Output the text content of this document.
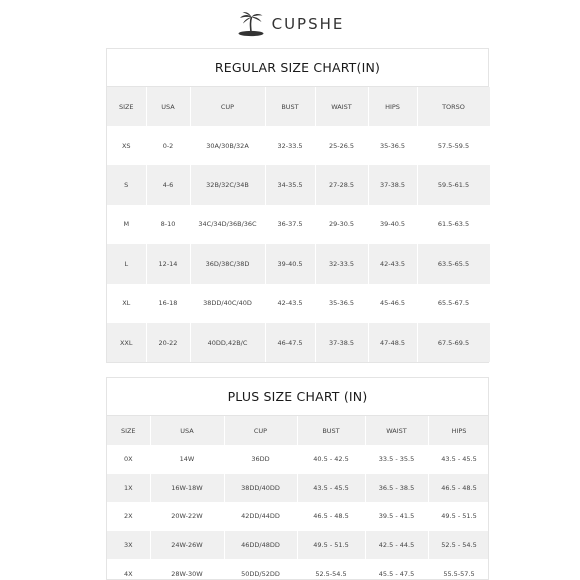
CUPSHE
REGULAR SIZE CHART(IN)
SIZE	USA	CUP	BUST	WAIST	HIPS	TORSO
XS	0-2	30A/30B/32A	32-33.5	25-26.5	35-36.5	57.5-59.5
S	4-6	32B/32C/34B	34-35.5	27-28.5	37-38.5	59.5-61.5
M	8-10	34C/34D/36B/36C	36-37.5	29-30.5	39-40.5	61.5-63.5
L	12-14	36D/38C/38D	39-40.5	32-33.5	42-43.5	63.5-65.5
XL	16-18	38DD/40C/40D	42-43.5	35-36.5	45-46.5	65.5-67.5
XXL	20-22	40DD,42B/C	46-47.5	37-38.5	47-48.5	67.5-69.5
PLUS SIZE CHART (IN)
SIZE	USA	CUP	BUST	WAIST	HIPS
0X	14W	36DD	40.5 - 42.5	33.5 - 35.5	43.5 - 45.5
1X	16W-18W	38DD/40DD	43.5 - 45.5	36.5 - 38.5	46.5 - 48.5
2X	20W-22W	42DD/44DD	46.5 - 48.5	39.5 - 41.5	49.5 - 51.5
3X	24W-26W	46DD/48DD	49.5 - 51.5	42.5 - 44.5	52.5 - 54.5
4X	28W-30W	50DD/52DD	52.5-54.5	45.5 - 47.5	55.5-57.5
